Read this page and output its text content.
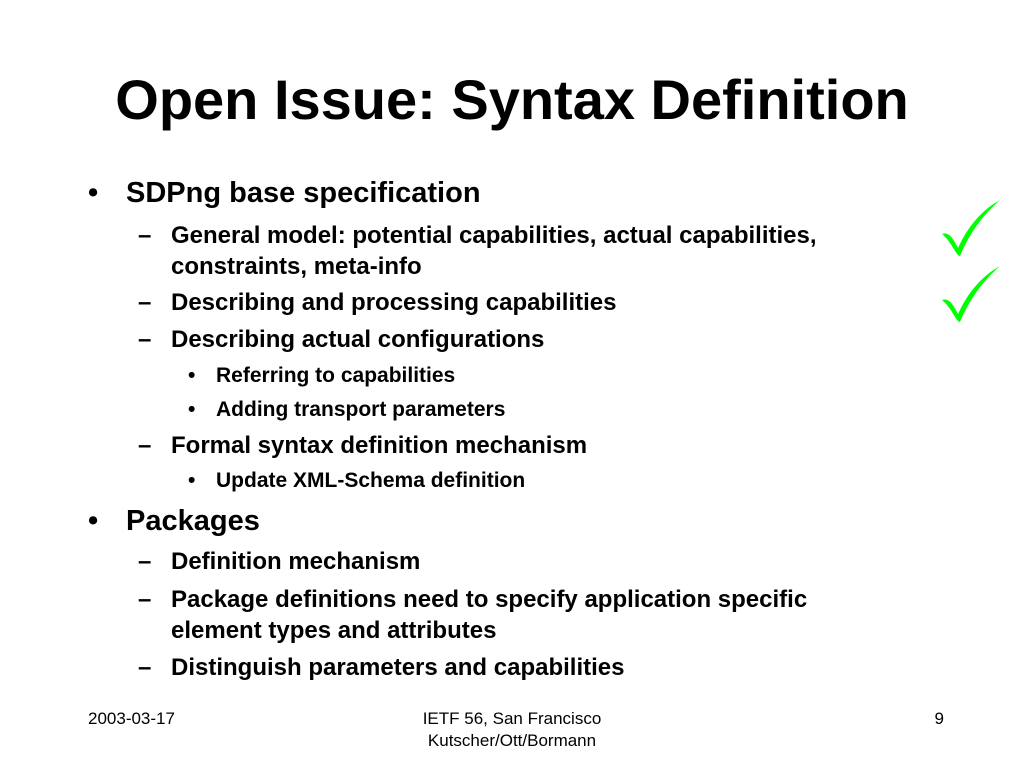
Open Issue: Syntax Definition
• SDPng base specification
– General model: potential capabilities, actual capabilities,
constraints, meta-info
– Describing and processing capabilities
– Describing actual configurations
• Referring to capabilities
• Adding transport parameters
– Formal syntax definition mechanism
• Update XML-Schema definition
• Packages
– Definition mechanism
– Package definitions need to specify application specific
element types and attributes
– Distinguish parameters and capabilities
2003-03-17	IETF 56, San Francisco
Kutscher/Ott/Bormann
9
